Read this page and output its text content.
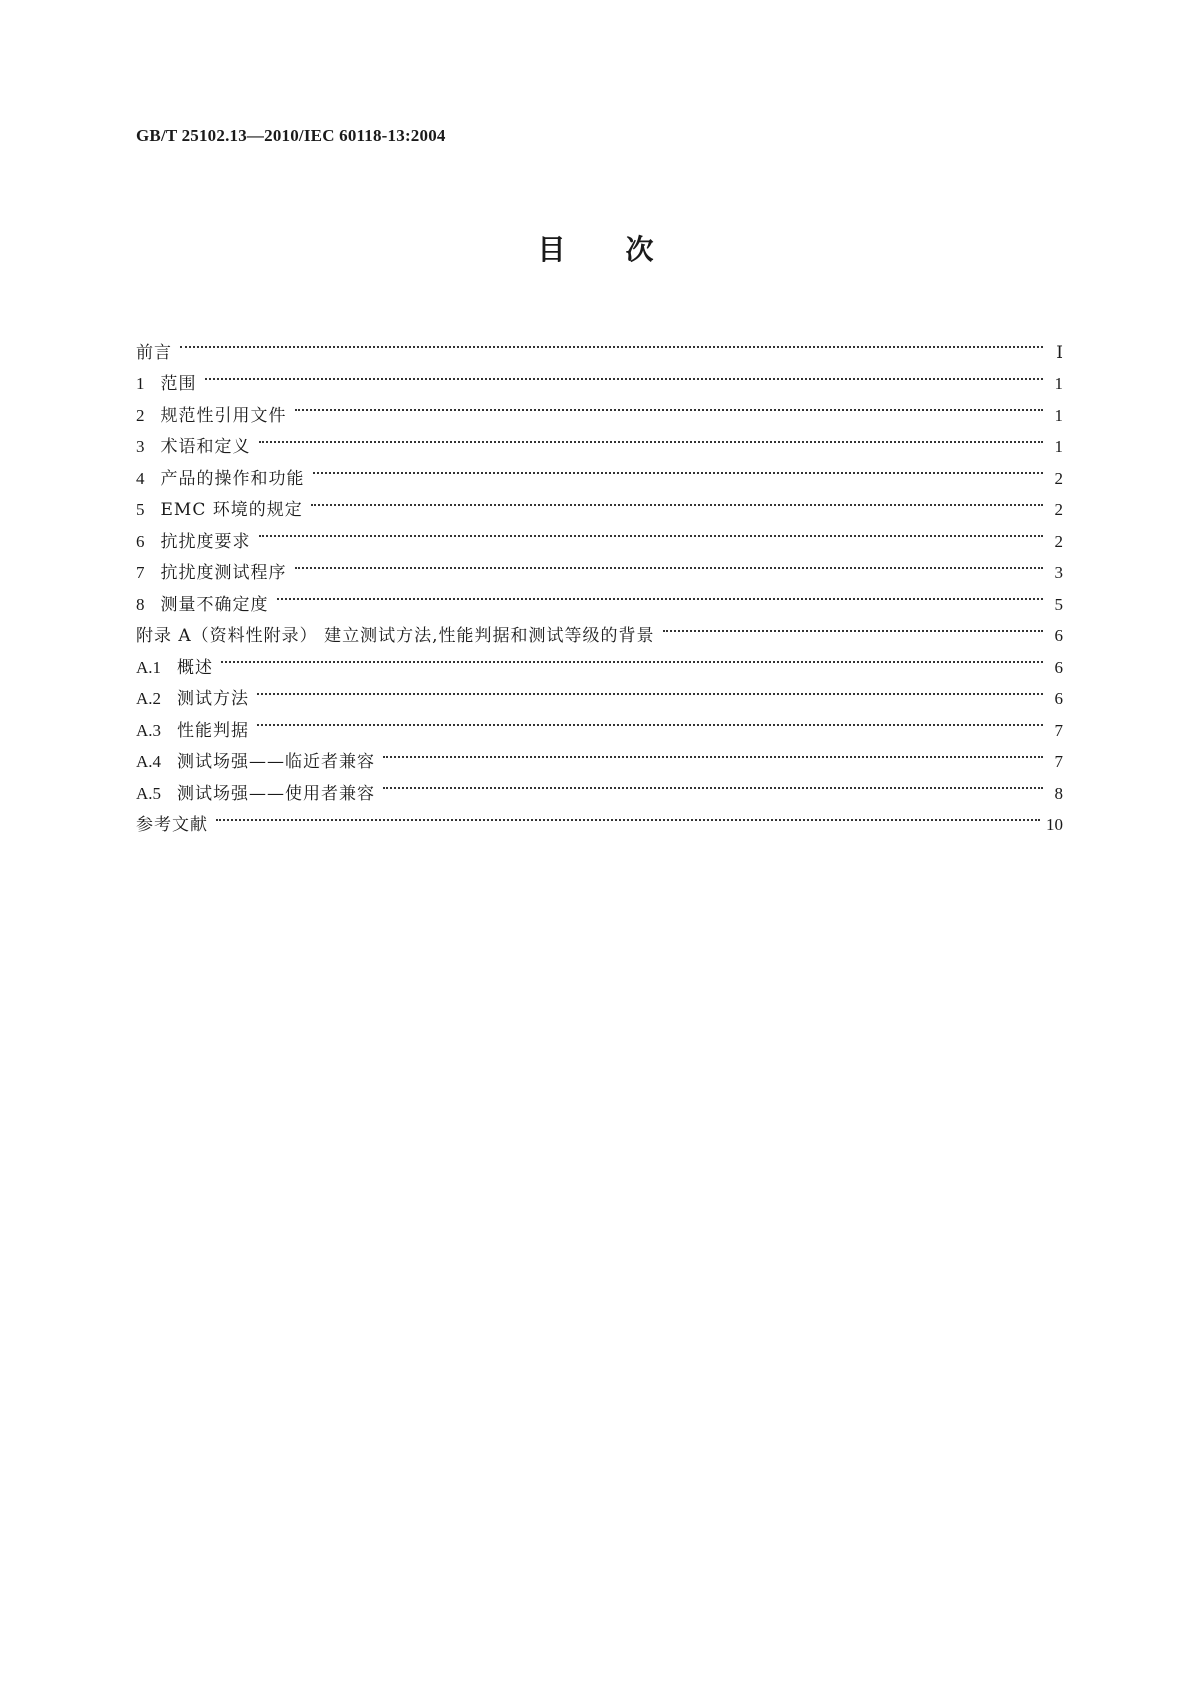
GB/T 25102.13—2010/IEC 60118-13:2004

目次
前言	Ⅰ
1 范围	1
2 规范性引用文件	1
3 术语和定义	1
4 产品的操作和功能	2
5 EMC 环境的规定	2
6 抗扰度要求	2
7 抗扰度测试程序	3
8 测量不确定度	5
附录 A（资料性附录） 建立测试方法,性能判据和测试等级的背景	6
A.1 概述	6
A.2 测试方法	6
A.3 性能判据	7
A.4 测试场强——临近者兼容	7
A.5 测试场强——使用者兼容	8
参考文献	10
